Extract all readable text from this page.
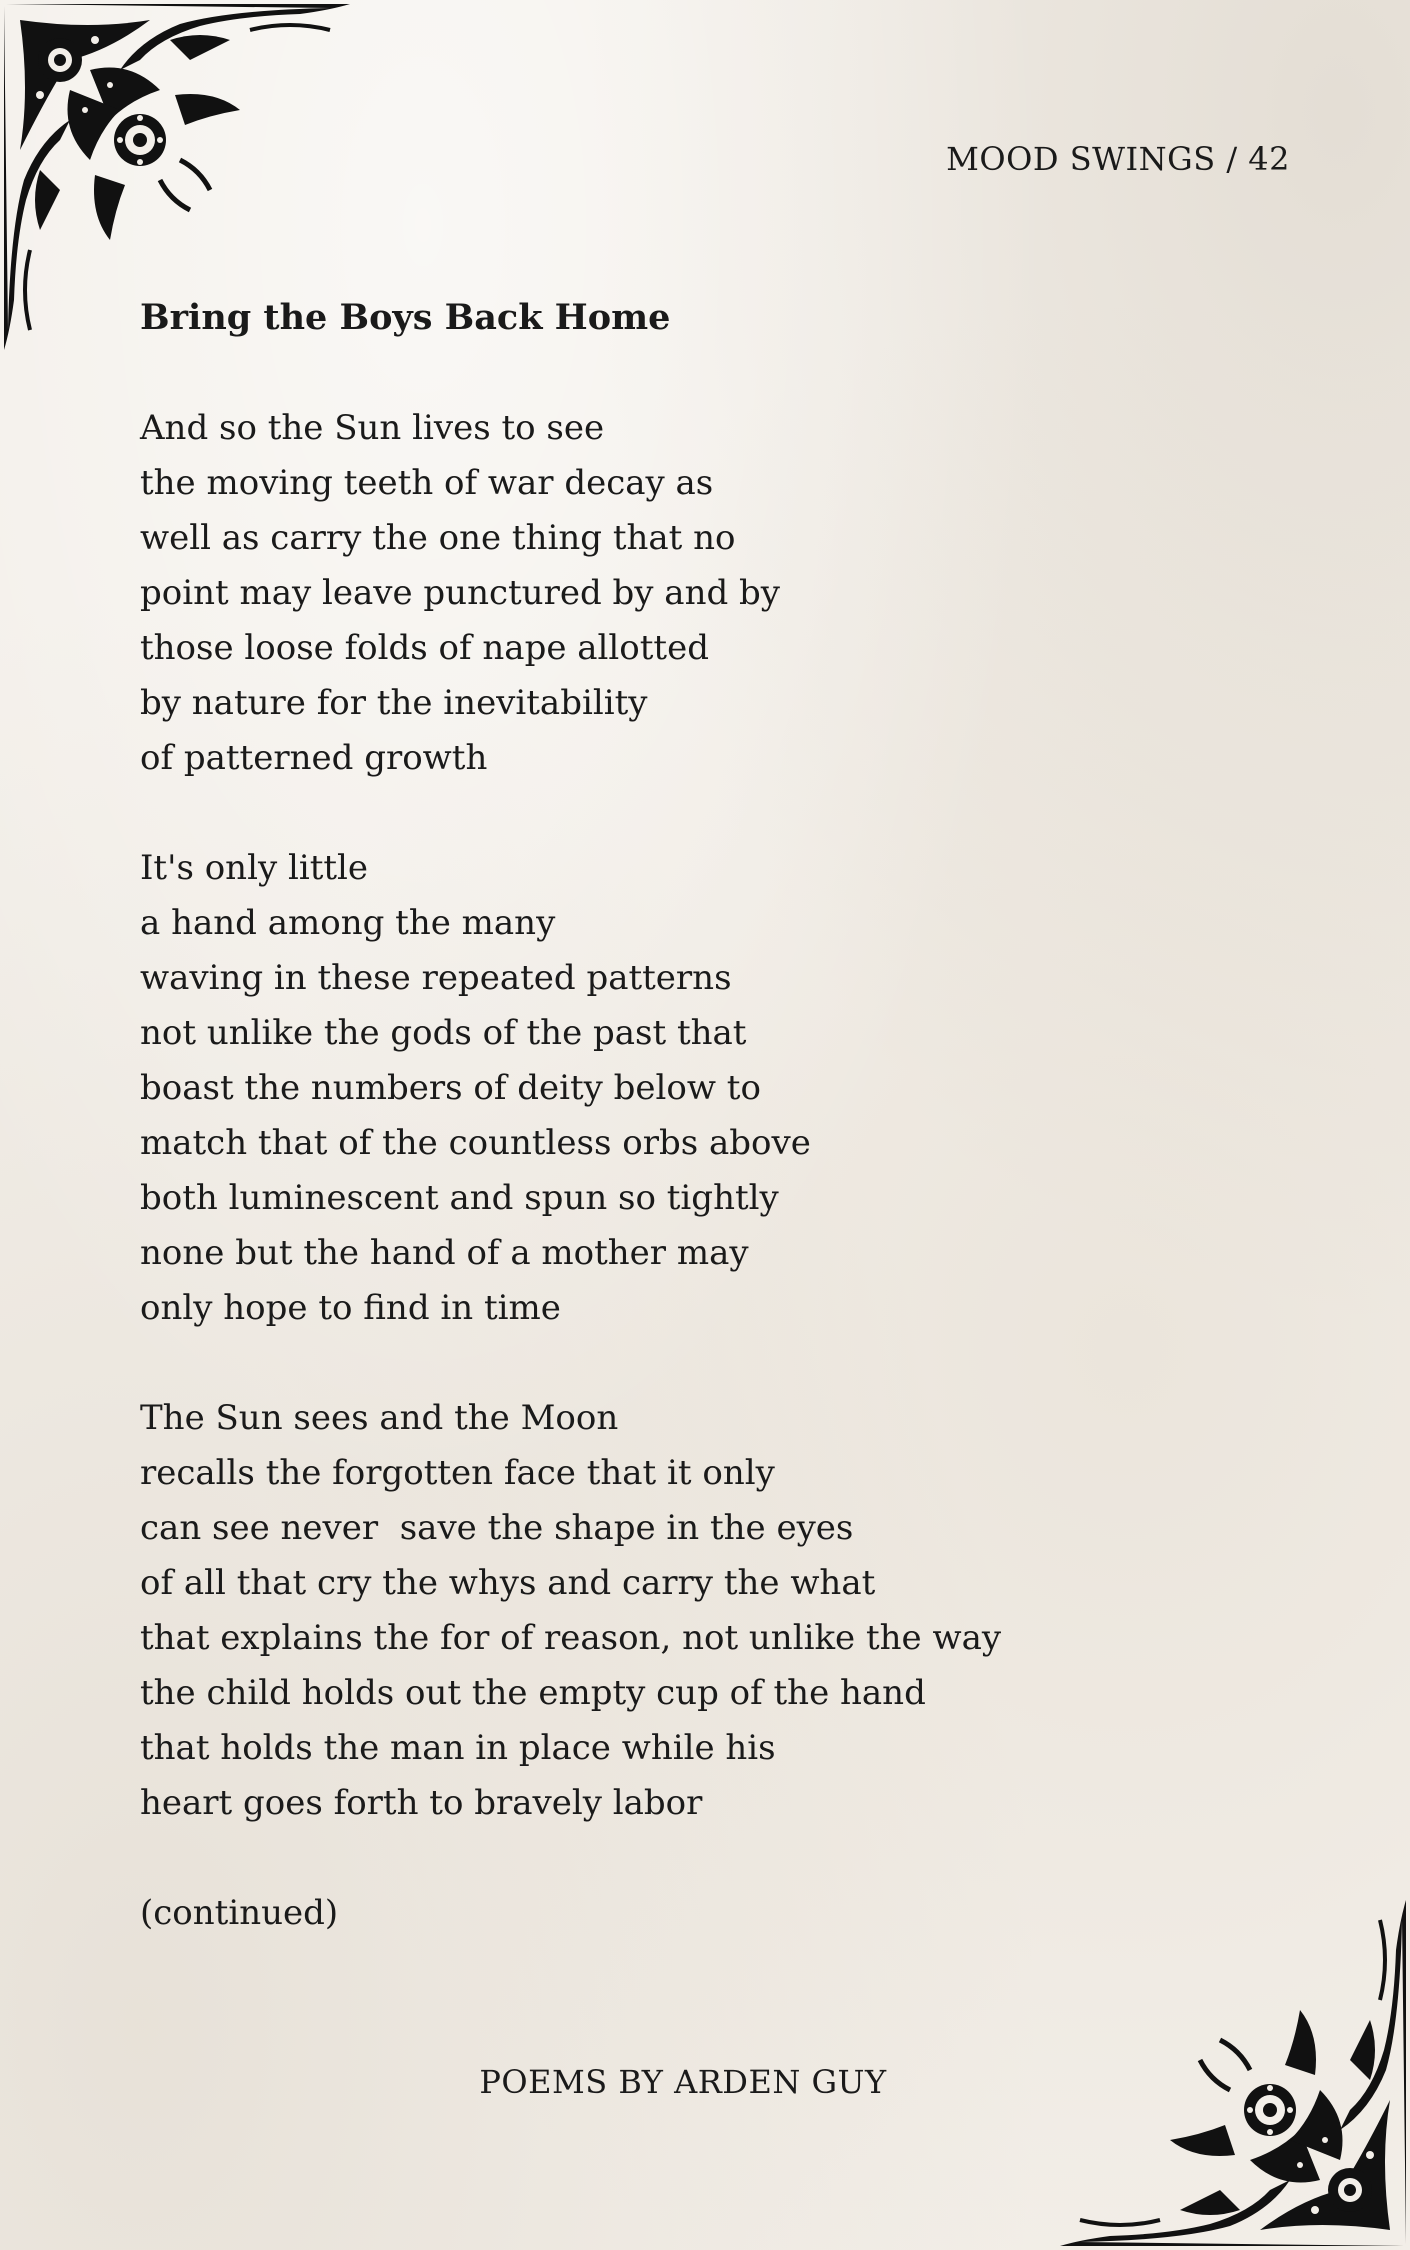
MOOD SWINGS / 42
Bring the Boys Back Home
And so the Sun lives to see
the moving teeth of war decay as
well as carry the one thing that no
point may leave punctured by and by
those loose folds of nape allotted
by nature for the inevitability
of patterned growth
It's only little
a hand among the many
waving in these repeated patterns
not unlike the gods of the past that
boast the numbers of deity below to
match that of the countless orbs above
both luminescent and spun so tightly
none but the hand of a mother may
only hope to find in time
The Sun sees and the Moon
recalls the forgotten face that it only
can see never  save the shape in the eyes
of all that cry the whys and carry the what
that explains the for of reason, not unlike the way
the child holds out the empty cup of the hand
that holds the man in place while his
heart goes forth to bravely labor
(continued)
POEMS BY ARDEN GUY
